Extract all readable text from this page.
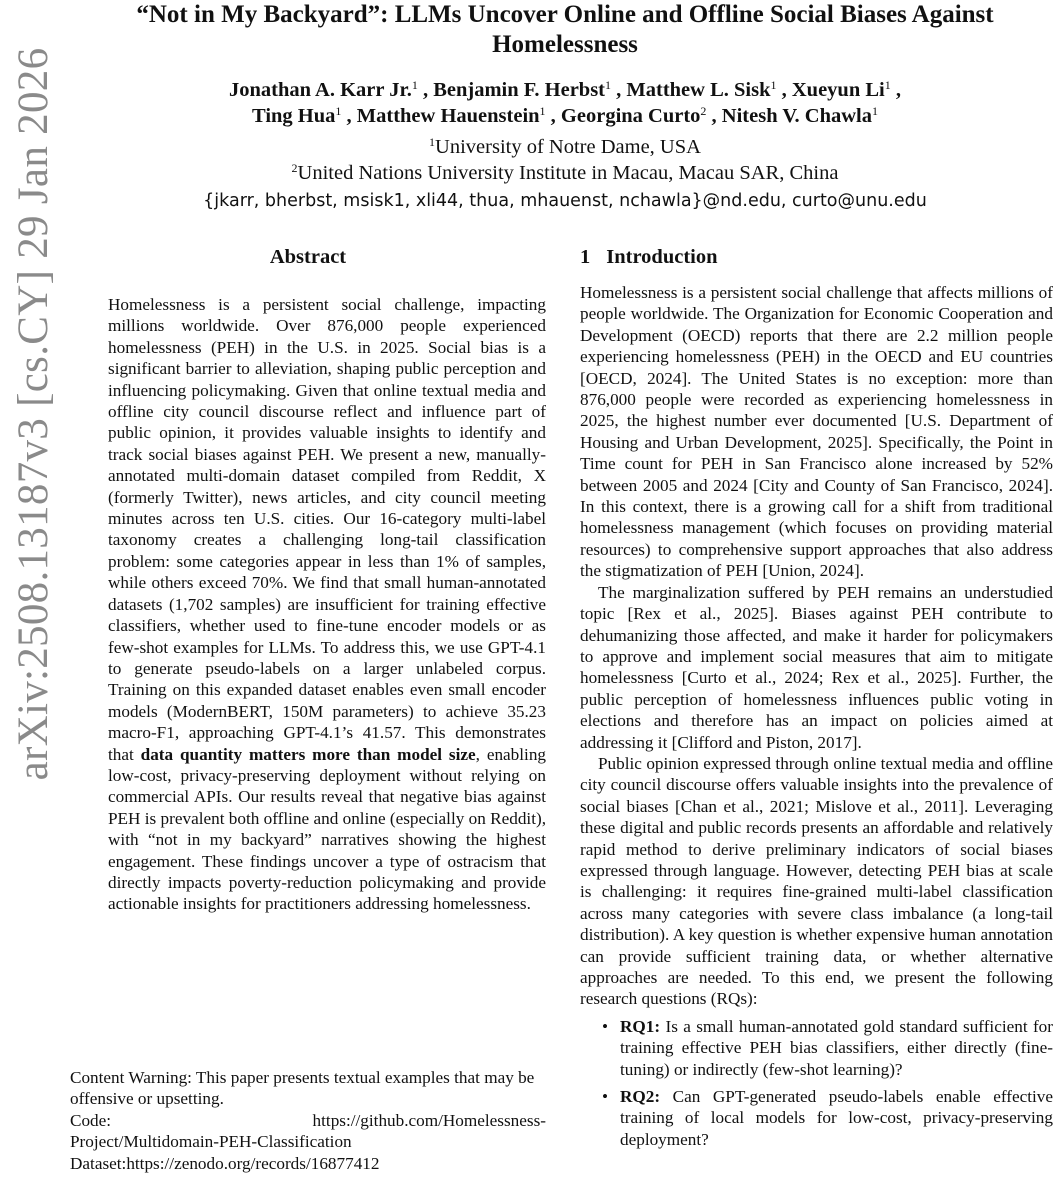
arXiv:2508.13187v3 [cs.CY] 29 Jan 2026
“Not in My Backyard”: LLMs Uncover Online and Offline Social Biases Against
Homelessness
Jonathan A. Karr Jr.$^1$ , Benjamin F. Herbst$^1$ , Matthew L. Sisk$^1$ , Xueyun Li$^1$ ,
Ting Hua$^1$ , Matthew Hauenstein$^1$ , Georgina Curto$^2$ , Nitesh V. Chawla$^1$
$^1$University of Notre Dame, USA
$^2$United Nations University Institute in Macau, Macau SAR, China
{jkarr, bherbst, msisk1, xli44, thua, mhauenst, nchawla}@nd.edu, curto@unu.edu
Abstract
Homelessness is a persistent social challenge, impacting millions worldwide. Over 876,000 people experienced homelessness (PEH) in the U.S. in 2025. Social bias is a significant barrier to alleviation, shaping public perception and influencing policymaking. Given that online textual media and offline city council discourse reflect and influence part of public opinion, it provides valuable insights to identify and track social biases against PEH. We present a new, manually-annotated multi-domain dataset compiled from Reddit, X (formerly Twitter), news articles, and city council meeting minutes across ten U.S. cities. Our 16-category multi-label taxonomy creates a challenging long-tail classification problem: some categories appear in less than 1% of samples, while others exceed 70%. We find that small human-annotated datasets (1,702 samples) are insufficient for training effective classifiers, whether used to fine-tune encoder models or as few-shot examples for LLMs. To address this, we use GPT-4.1 to generate pseudo-labels on a larger unlabeled corpus. Training on this expanded dataset enables even small encoder models (ModernBERT, 150M parameters) to achieve 35.23 macro-F1, approaching GPT-4.1’s 41.57. This demonstrates that data quantity matters more than model size, enabling low-cost, privacy-preserving deployment without relying on commercial APIs. Our results reveal that negative bias against PEH is prevalent both offline and online (especially on Reddit), with “not in my backyard” narratives showing the highest engagement. These findings uncover a type of ostracism that directly impacts poverty-reduction policymaking and provide actionable insights for practitioners addressing homelessness.
Content Warning: This paper presents textual examples that may be offensive or upsetting.
Code:	https://github.com/Homelessness-
Project/Multidomain-PEH-Classification
Dataset:https://zenodo.org/records/16877412
1 Introduction

Homelessness is a persistent social challenge that affects millions of people worldwide. The Organization for Economic Cooperation and Development (OECD) reports that there are 2.2 million people experiencing homelessness (PEH) in the OECD and EU countries [OECD, 2024]. The United States is no exception: more than 876,000 people were recorded as experiencing homelessness in 2025, the highest number ever documented [U.S. Department of Housing and Urban Development, 2025]. Specifically, the Point in Time count for PEH in San Francisco alone increased by 52% between 2005 and 2024 [City and County of San Francisco, 2024]. In this context, there is a growing call for a shift from traditional homelessness management (which focuses on providing material resources) to comprehensive support approaches that also address the stigmatization of PEH [Union, 2024].

The marginalization suffered by PEH remains an understudied topic [Rex et al., 2025]. Biases against PEH contribute to dehumanizing those affected, and make it harder for policymakers to approve and implement social measures that aim to mitigate homelessness [Curto et al., 2024; Rex et al., 2025]. Further, the public perception of homelessness influences public voting in elections and therefore has an impact on policies aimed at addressing it [Clifford and Piston, 2017].

Public opinion expressed through online textual media and offline city council discourse offers valuable insights into the prevalence of social biases [Chan et al., 2021; Mislove et al., 2011]. Leveraging these digital and public records presents an affordable and relatively rapid method to derive preliminary indicators of social biases expressed through language. However, detecting PEH bias at scale is challenging: it requires fine-grained multi-label classification across many categories with severe class imbalance (a long-tail distribution). A key question is whether expensive human annotation can provide sufficient training data, or whether alternative approaches are needed. To this end, we present the following research questions (RQs):

• RQ1: Is a small human-annotated gold standard sufficient for training effective PEH bias classifiers, either directly (fine-tuning) or indirectly (few-shot learning)?
• RQ2: Can GPT-generated pseudo-labels enable effective training of local models for low-cost, privacy-preserving deployment?
